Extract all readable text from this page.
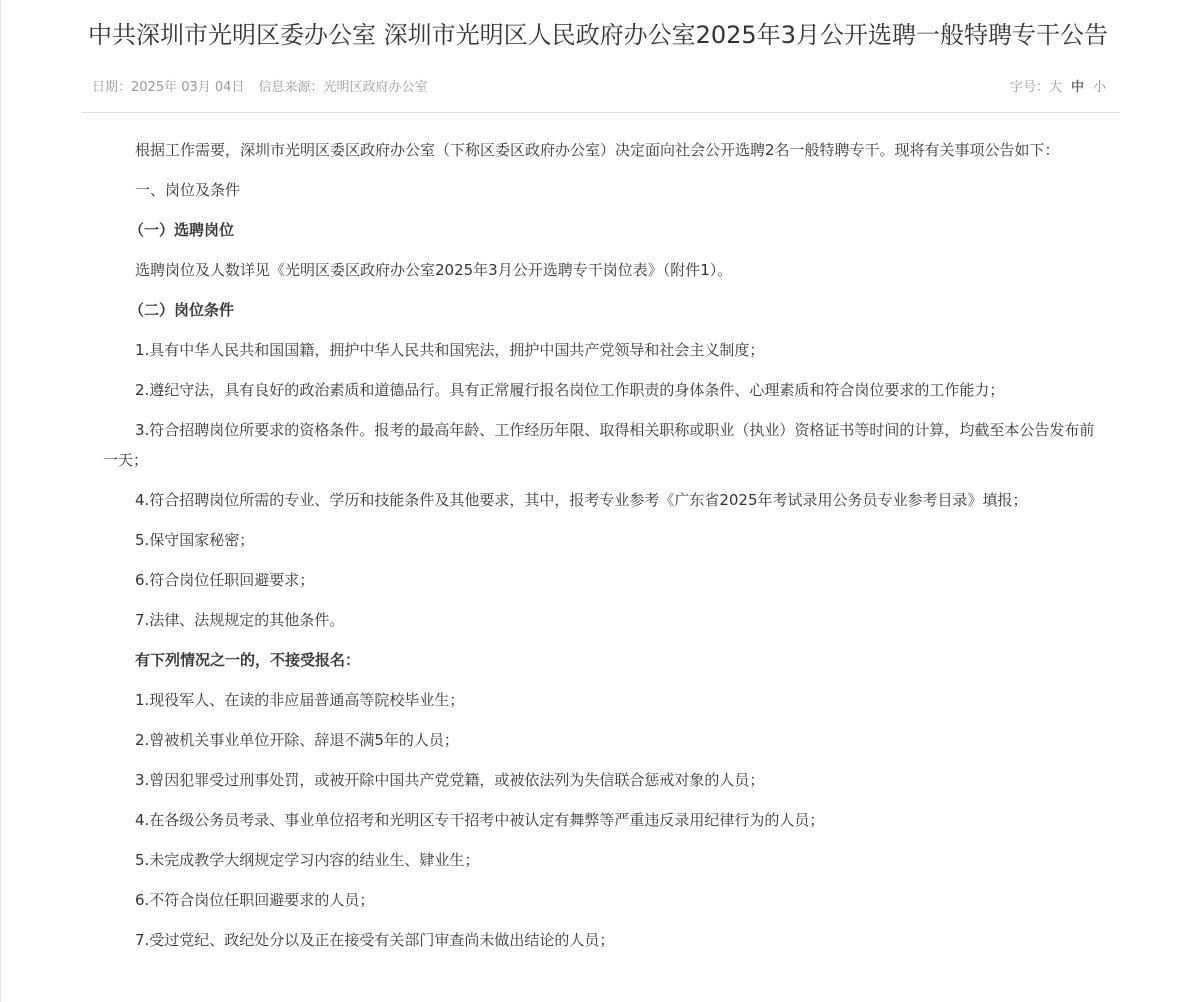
中共深圳市光明区委办公室 深圳市光明区人民政府办公室2025年3月公开选聘一般特聘专干公告
日期：2025年 03月 04日 信息来源：光明区政府办公室	字号：大 中 小

根据工作需要，深圳市光明区委区政府办公室（下称区委区政府办公室）决定面向社会公开选聘2名一般特聘专干。现将有关事项公告如下：

一、岗位及条件

（一）选聘岗位

选聘岗位及人数详见《光明区委区政府办公室2025年3月公开选聘专干岗位表》（附件1）。

（二）岗位条件

1.具有中华人民共和国国籍，拥护中华人民共和国宪法，拥护中国共产党领导和社会主义制度；

2.遵纪守法，具有良好的政治素质和道德品行。具有正常履行报名岗位工作职责的身体条件、心理素质和符合岗位要求的工作能力；

3.符合招聘岗位所要求的资格条件。报考的最高年龄、工作经历年限、取得相关职称或职业（执业）资格证书等时间的计算，均截至本公告发布前一天；

4.符合招聘岗位所需的专业、学历和技能条件及其他要求，其中，报考专业参考《广东省2025年考试录用公务员专业参考目录》填报；

5.保守国家秘密；

6.符合岗位任职回避要求；

7.法律、法规规定的其他条件。

有下列情况之一的，不接受报名：

1.现役军人、在读的非应届普通高等院校毕业生；

2.曾被机关事业单位开除、辞退不满5年的人员；

3.曾因犯罪受过刑事处罚，或被开除中国共产党党籍，或被依法列为失信联合惩戒对象的人员；

4.在各级公务员考录、事业单位招考和光明区专干招考中被认定有舞弊等严重违反录用纪律行为的人员；

5.未完成教学大纲规定学习内容的结业生、肄业生；

6.不符合岗位任职回避要求的人员；

7.受过党纪、政纪处分以及正在接受有关部门审查尚未做出结论的人员；
